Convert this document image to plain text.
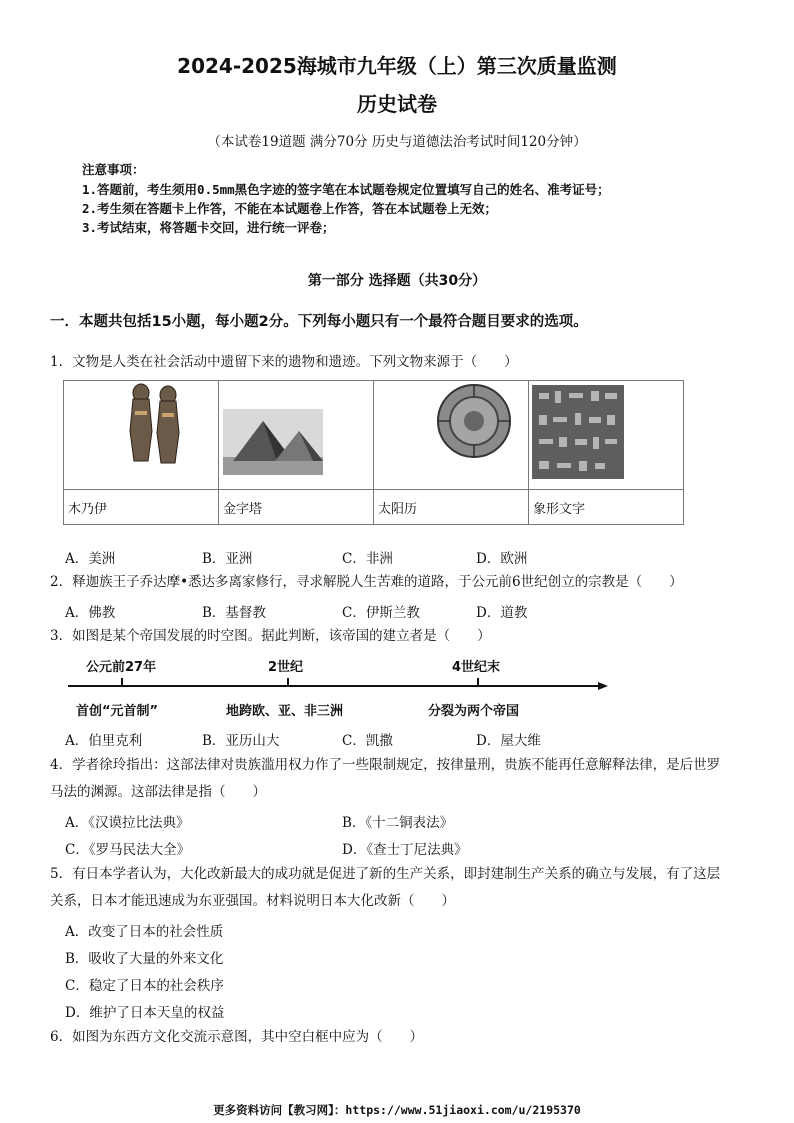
2024-2025海城市九年级（上）第三次质量监测
历史试卷
（本试卷19道题 满分70分 历史与道德法治考试时间120分钟）
注意事项：
1.答题前，考生须用0.5mm黑色字迹的签字笔在本试题卷规定位置填写自己的姓名、准考证号；
2.考生须在答题卡上作答，不能在本试题卷上作答，答在本试题卷上无效；
3.考试结束，将答题卡交回，进行统一评卷；
第一部分 选择题（共30分）
一．本题共包括15小题，每小题2分。下列每小题只有一个最符合题目要求的选项。
1．文物是人类在社会活动中遗留下来的遗物和遗迹。下列文物来源于（　　）

木乃伊	金字塔	太阳历	象形文字
A．美洲	B．亚洲	C．非洲	D．欧洲
2．释迦族王子乔达摩•悉达多离家修行，寻求解脱人生苦难的道路，于公元前6世纪创立的宗教是（　　）
A．佛教	B．基督教	C．伊斯兰教	D．道教
3．如图是某个帝国发展的时空图。据此判断，该帝国的建立者是（　　）
公元前27年	2世纪	4世纪末
首创“元首制”	地跨欧、亚、非三洲	分裂为两个帝国
A．伯里克利	B．亚历山大	C．凯撒	D．屋大维
4．学者徐玲指出：这部法律对贵族滥用权力作了一些限制规定，按律量刑，贵族不能再任意解释法律，是后世罗
马法的渊源。这部法律是指（　　）
A．《汉谟拉比法典》	B．《十二铜表法》
C．《罗马民法大全》	D．《查士丁尼法典》
5．有日本学者认为，大化改新最大的成功就是促进了新的生产关系，即封建制生产关系的确立与发展，有了这层
关系，日本才能迅速成为东亚强国。材料说明日本大化改新（　　）
A．改变了日本的社会性质
B．吸收了大量的外来文化
C．稳定了日本的社会秩序
D．维护了日本天皇的权益
6．如图为东西方文化交流示意图，其中空白框中应为（　　）
更多资料访问【教习网】：https://www.51jiaoxi.com/u/2195370
